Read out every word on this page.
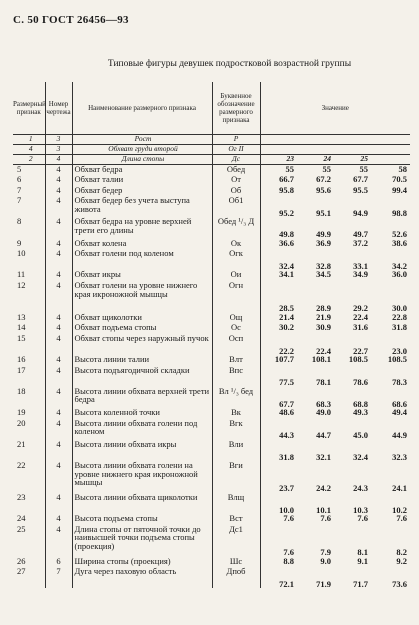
С. 50 ГОСТ 26456—93
Типовые фигуры девушек подростковой возрастной группы
Размерный признак	Номер чертежа	Наименование размерного признака	Буквенное обозначение размерного признака	Значение			
1	3	Рост	Р				
4	3	Обхват груди второй	Ог II				
2	4	Длина стопы	Дс	23	24	25	
5	4	Обхват бедра	Обед	55	55	55	58
6	4	Обхват талии	От	66.7	67.2	67.7	70.5
7	4	Обхват бедер	Об	95.8	95.6	95.5	99.4
7	4	Обхват бедер без учета выступа живота	Об1	95.2	95.1	94.9	98.8
8	4	Обхват бедра на уровне верхней трети его длины	Обед ¹/₃ Д	49.8	49.9	49.7	52.6
9	4	Обхват колена	Ок	36.6	36.9	37.2	38.6
10	4	Обхват голени под коленом	Огк	32.4	32.8	33.1	34.2
11	4	Обхват икры	Ои	34.1	34.5	34.9	36.0
12	4	Обхват голени на уровне нижнего края икроножной мышцы	Огн	28.5	28.9	29.2	30.0
13	4	Обхват щиколотки	Ощ	21.4	21.9	22.4	22.8
14	4	Обхват подъема стопы	Ос	30.2	30.9	31.6	31.8
15	4	Обхват стопы через наружный пучок	Осп	22.2	22.4	22.7	23.0
16	4	Высота линии талии	Влт	107.7	108.1	108.5	108.5
17	4	Высота подъягодичной складки	Впс	77.5	78.1	78.6	78.3
18	4	Высота линии обхвата верхней трети бедра	Вл ¹/₃ бед	67.7	68.3	68.8	68.6
19	4	Высота коленной точки	Вк	48.6	49.0	49.3	49.4
20	4	Высота линии обхвата голени под коленом	Вгк	44.3	44.7	45.0	44.9
21	4	Высота линии обхвата икры	Вли	31.8	32.1	32.4	32.3
22	4	Высота линии обхвата голени на уровне нижнего края икроножной мышцы	Вги	23.7	24.2	24.3	24.1
23	4	Высота линии обхвата щиколотки	Влщ	10.0	10.1	10.3	10.2
24	4	Высота подъема стопы	Вcт	7.6	7.6	7.6	7.6
25	4	Длина стопы от пяточной точки до наивысшей точки подъема стопы (проекция)	Дс1	7.6	7.9	8.1	8.2
26	6	Ширина стопы (проекция)	Шс	8.8	9.0	9.1	9.2
27	7	Дуга через паховую область	Дпоб	72.1	71.9	71.7	73.6
